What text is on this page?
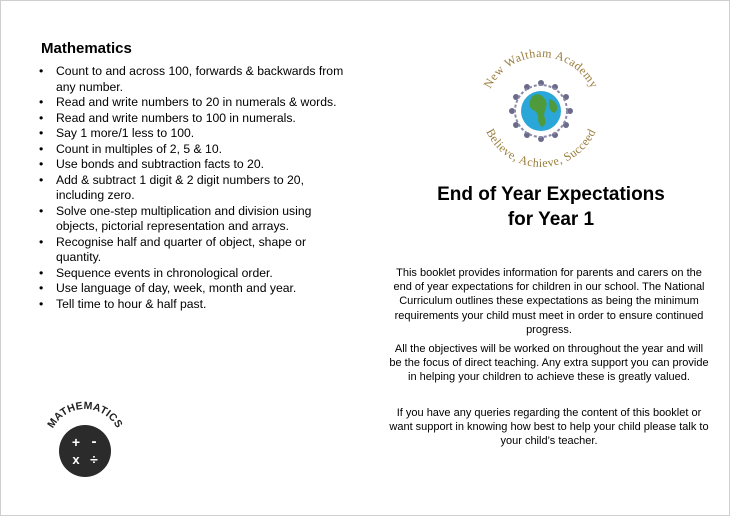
Mathematics
• Count to and across 100, forwards & backwards from any number.
• Read and write numbers to 20 in numerals & words.
• Read and write numbers to 100 in numerals.
• Say 1 more/1 less to 100.
• Count in multiples of 2, 5 & 10.
• Use bonds and subtraction facts to 20.
• Add & subtract 1 digit & 2 digit numbers to 20, including zero.
• Solve one-step multiplication and division using objects, pictorial representation and arrays.
• Recognise half and quarter of object, shape or quantity.
• Sequence events in chronological order.
• Use language of day, week, month and year.
• Tell time to hour & half past.
MATHEMATICS
+ -
x ÷
New Waltham Academy
Believe, Achieve, Succeed
End of Year Expectations
for Year 1

This booklet provides information for parents and carers on the end of year expectations for children in our school. The National Curriculum outlines these expectations as being the minimum requirements your child must meet in order to ensure continued progress.

All the objectives will be worked on throughout the year and will be the focus of direct teaching. Any extra support you can provide in helping your children to achieve these is greatly valued.

If you have any queries regarding the content of this booklet or want support in knowing how best to help your child please talk to your child’s teacher.
